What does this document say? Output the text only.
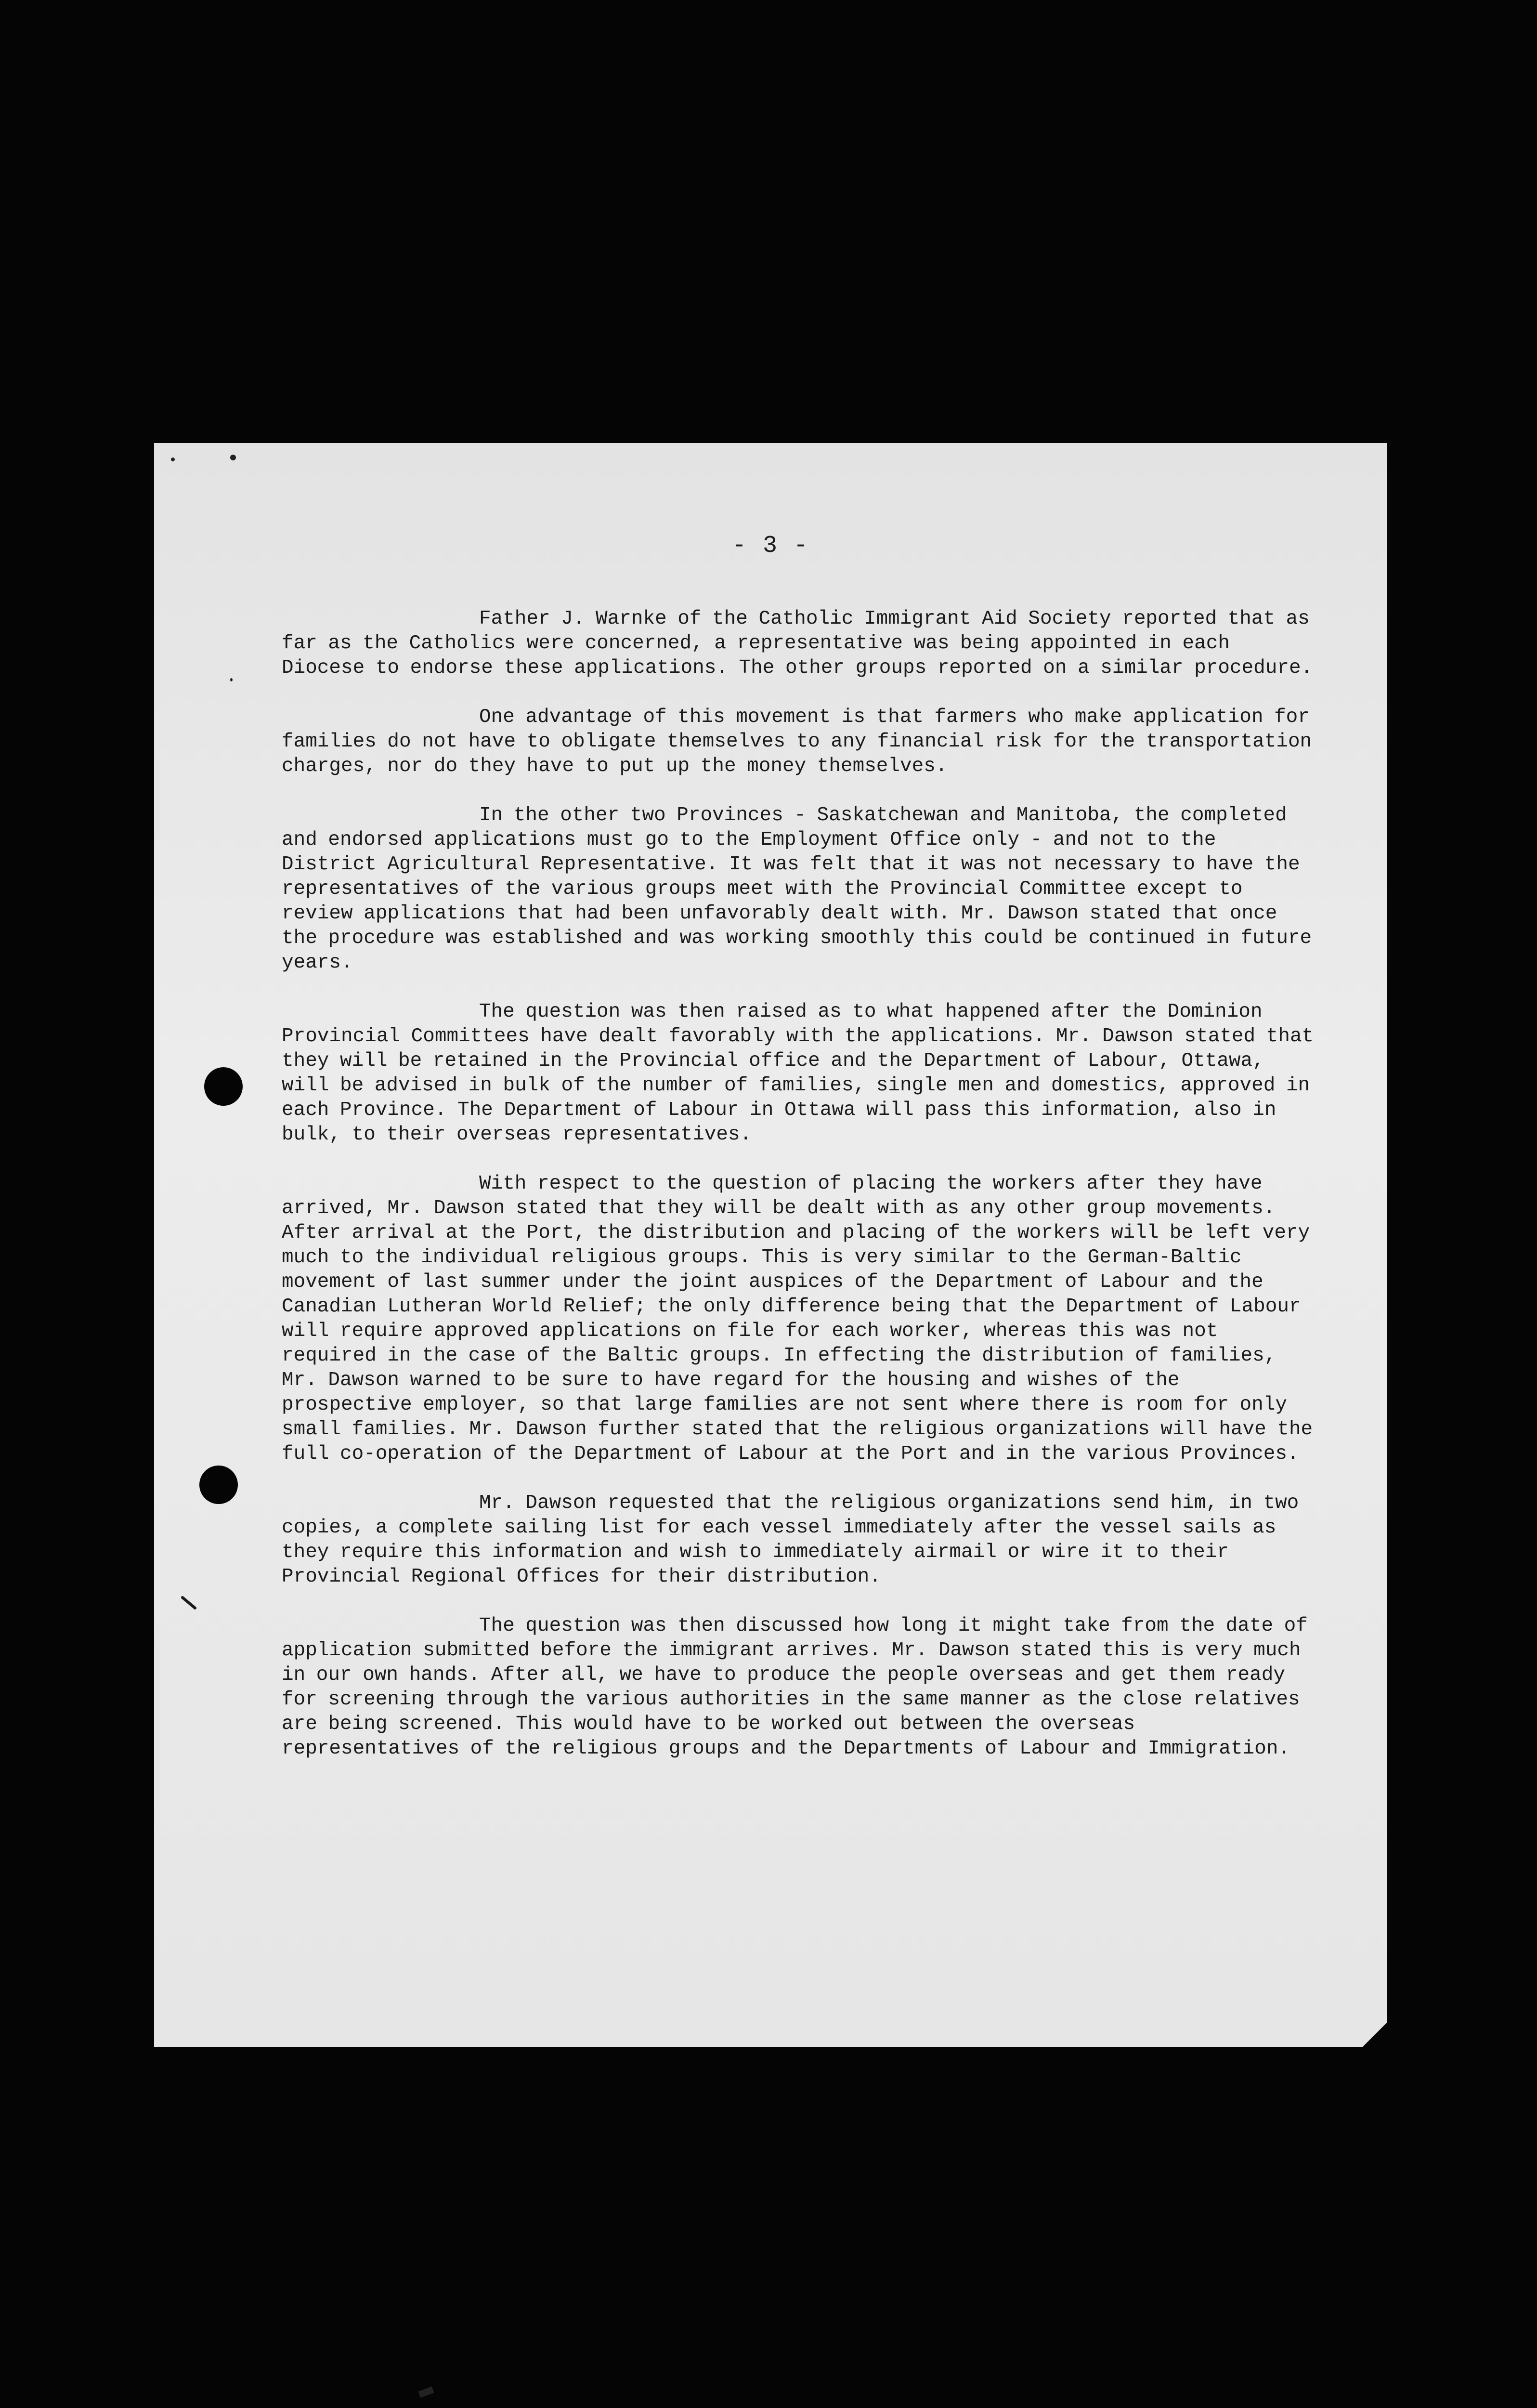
- 3 -

Father J. Warnke of the Catholic Immigrant Aid Society reported that as far as the Catholics were concerned, a representative was being appointed in each Diocese to endorse these applications. The other groups reported on a similar procedure.

One advantage of this movement is that farmers who make application for families do not have to obligate themselves to any financial risk for the transportation charges, nor do they have to put up the money themselves.

In the other two Provinces - Saskatchewan and Manitoba, the completed and endorsed applications must go to the Employment Office only - and not to the District Agricultural Representative. It was felt that it was not necessary to have the representatives of the various groups meet with the Provincial Committee except to review applications that had been unfavorably dealt with. Mr. Dawson stated that once the procedure was established and was working smoothly this could be continued in future years.

The question was then raised as to what happened after the Dominion Provincial Committees have dealt favorably with the applications. Mr. Dawson stated that they will be retained in the Provincial office and the Department of Labour, Ottawa, will be advised in bulk of the number of families, single men and domestics, approved in each Province. The Department of Labour in Ottawa will pass this information, also in bulk, to their overseas representatives.

With respect to the question of placing the workers after they have arrived, Mr. Dawson stated that they will be dealt with as any other group movements. After arrival at the Port, the distribution and placing of the workers will be left very much to the individual religious groups. This is very similar to the German-Baltic movement of last summer under the joint auspices of the Department of Labour and the Canadian Lutheran World Relief; the only difference being that the Department of Labour will require approved applications on file for each worker, whereas this was not required in the case of the Baltic groups. In effecting the distribution of families, Mr. Dawson warned to be sure to have regard for the housing and wishes of the prospective employer, so that large families are not sent where there is room for only small families. Mr. Dawson further stated that the religious organizations will have the full co-operation of the Department of Labour at the Port and in the various Provinces.

Mr. Dawson requested that the religious organizations send him, in two copies, a complete sailing list for each vessel immediately after the vessel sails as they require this information and wish to immediately airmail or wire it to their Provincial Regional Offices for their distribution.

The question was then discussed how long it might take from the date of application submitted before the immigrant arrives. Mr. Dawson stated this is very much in our own hands. After all, we have to produce the people overseas and get them ready for screening through the various authorities in the same manner as the close relatives are being screened. This would have to be worked out between the overseas representatives of the religious groups and the Departments of Labour and Immigration.
